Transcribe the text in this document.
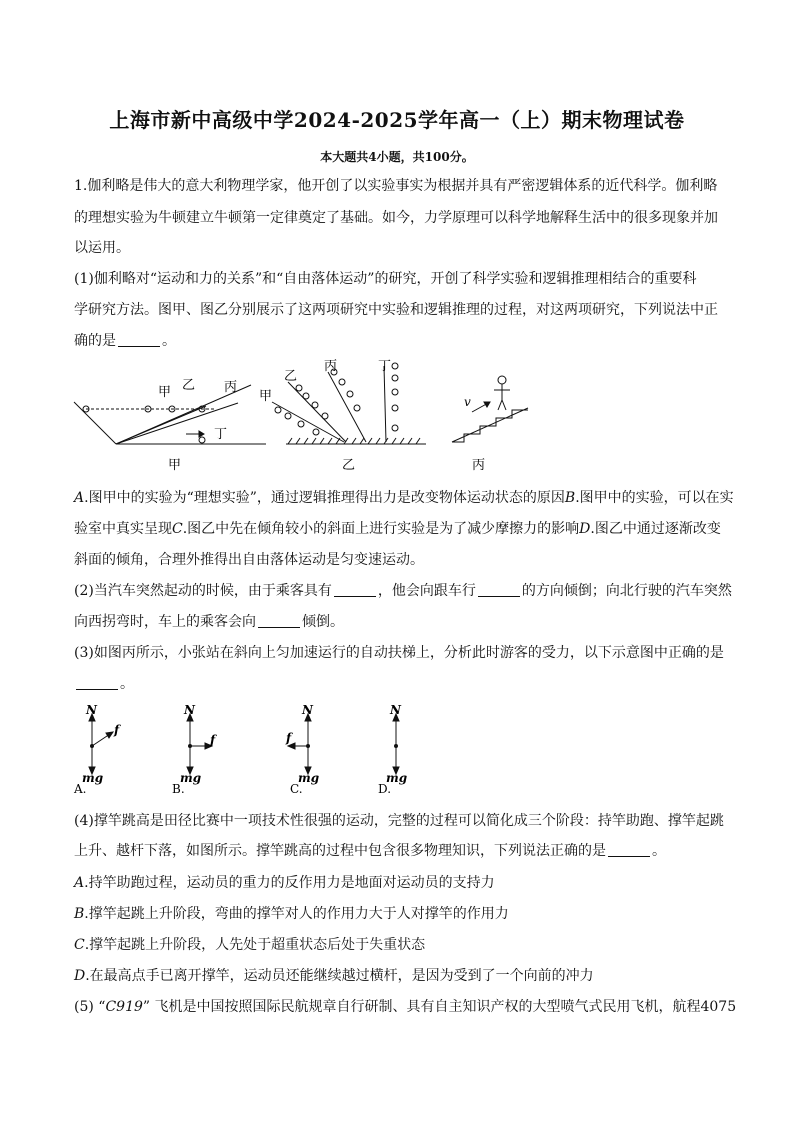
上海市新中高级中学2024-2025学年高一（上）期末物理试卷
本大题共4小题，共100分。
1.伽利略是伟大的意大利物理学家，他开创了以实验事实为根据并具有严密逻辑体系的近代科学。伽利略
的理想实验为牛顿建立牛顿第一定律奠定了基础。如今，力学原理可以科学地解释生活中的很多现象并加
以运用。
(1)伽利略对“运动和力的关系”和“自由落体运动”的研究，开创了科学实验和逻辑推理相结合的重要科
学研究方法。图甲、图乙分别展示了这两项研究中实验和逻辑推理的过程，对这两项研究，下列说法中正
确的是	。
甲 乙 丙
丁
甲
甲
乙
丙	丁
乙
v
丙
A.图甲中的实验为“理想实验”，通过逻辑推理得出力是改变物体运动状态的原因B.图甲中的实验，可以在实
验室中真实呈现C.图乙中先在倾角较小的斜面上进行实验是为了减少摩擦力的影响D.图乙中通过逐渐改变
斜面的倾角，合理外推得出自由落体运动是匀变速运动。
(2)当汽车突然起动的时候，由于乘客具有	，他会向跟车行	的方向倾倒；向北行驶的汽车突然
向西拐弯时，车上的乘客会向	倾倒。
(3)如图丙所示，小张站在斜向上匀加速运行的自动扶梯上，分析此时游客的受力，以下示意图中正确的是
。
N
mg
f
N
mg
f
N
mg
f
N
mg
A.	B.	C.	D.
(4)撑竿跳高是田径比赛中一项技术性很强的运动，完整的过程可以简化成三个阶段：持竿助跑、撑竿起跳
上升、越杆下落，如图所示。撑竿跳高的过程中包含很多物理知识，下列说法正确的是	。
A.持竿助跑过程，运动员的重力的反作用力是地面对运动员的支持力
B.撑竿起跳上升阶段，弯曲的撑竿对人的作用力大于人对撑竿的作用力
C.撑竿起跳上升阶段，人先处于超重状态后处于失重状态
D.在最高点手已离开撑竿，运动员还能继续越过横杆，是因为受到了一个向前的冲力
(5) “C919” 飞机是中国按照国际民航规章自行研制、具有自主知识产权的大型喷气式民用飞机，航程4075
